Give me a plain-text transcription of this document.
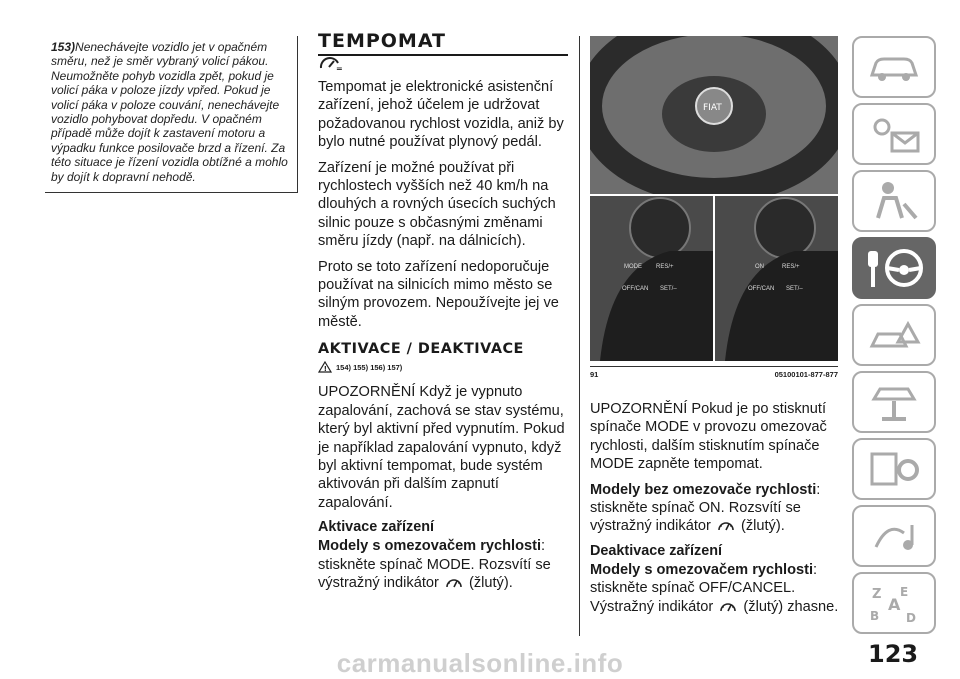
153)Nenechávejte vozidlo jet v opačném směru, než je směr vybraný volicí pákou. Neumožněte pohyb vozidla zpět, pokud je volicí páka v poloze jízdy vpřed. Pokud je volicí páka v poloze couvání, nenechávejte vozidlo pohybovat dopředu. V opačném případě může dojít k zastavení motoru a výpadku funkce posilovače brzd a řízení. Za této situace je řízení vozidla obtížné a mohlo by dojít k dopravní nehodě.
TEMPOMAT
=

Tempomat je elektronické asistenční zařízení, jehož účelem je udržovat požadovanou rychlost vozidla, aniž by bylo nutné používat plynový pedál.

Zařízení je možné používat při rychlostech vyšších než 40 km/h na dlouhých a rovných úsecích suchých silnic pouze s občasnými změnami směru jízdy (např. na dálnicích).

Proto se toto zařízení nedoporučuje používat na silnicích mimo město se silným provozem. Nepoužívejte jej ve městě.

AKTIVACE / DEAKTIVACE
! 154) 155) 156) 157)

UPOZORNĚNÍ Když je vypnuto zapalování, zachová se stav systému, který byl aktivní před vypnutím. Pokud je například zapalování vypnuto, když byl aktivní tempomat, bude systém aktivován při dalším zapnutí zapalování.

Aktivace zařízení

Modely s omezovačem rychlosti:
stiskněte spínač MODE. Rozsvítí se výstražný indikátor (žlutý).

FIAT
MODE RES/+
OFF/CAN SET/–
ON	RES/+
OFF/CAN SET/–
91	05100101-877-877

UPOZORNĚNÍ Pokud je po stisknutí spínače MODE v provozu omezovač rychlosti, dalším stisknutím spínače MODE zapněte tempomat.

Modely bez omezovače rychlosti:
stiskněte spínač ON. Rozsvítí se výstražný indikátor (žlutý).

Deaktivace zařízení

Modely s omezovačem rychlosti:
stiskněte spínač OFF/CANCEL. Výstražný indikátor (žlutý) zhasne.

Z E
A
B D
123
carmanualsonline.info
